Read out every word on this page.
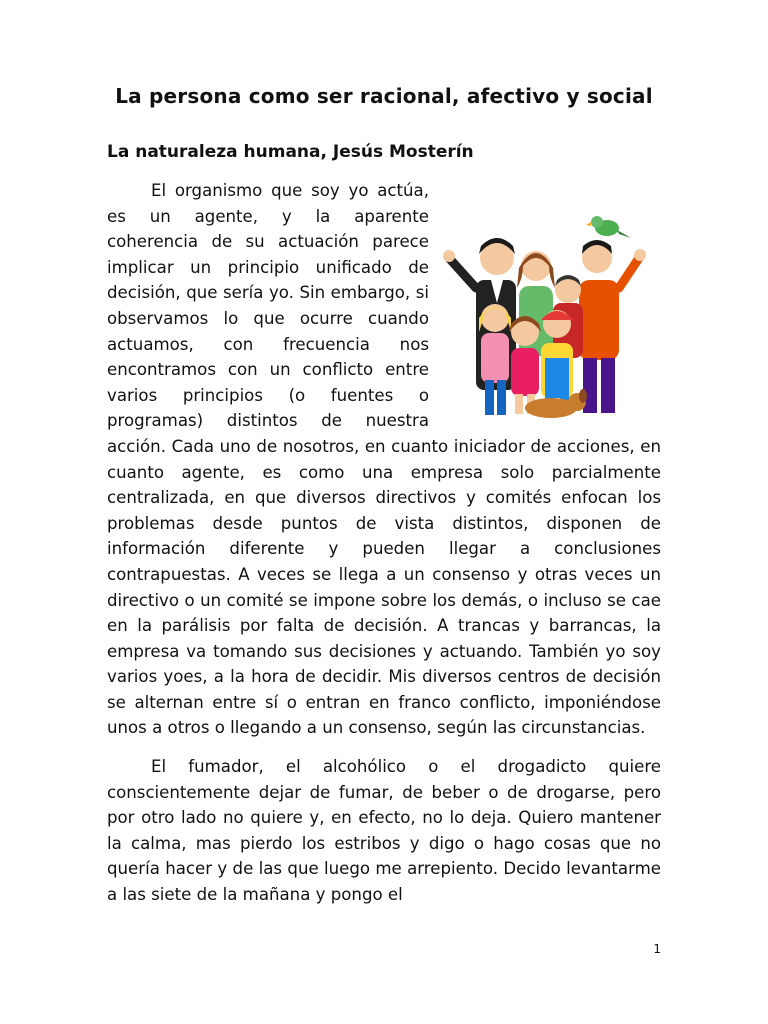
La persona como ser racional, afectivo y social
La naturaleza humana, Jesús Mosterín

El organismo que soy yo actúa, es un agente, y la aparente coherencia de su actuación parece implicar un principio unificado de decisión, que sería yo. Sin embargo, si observamos lo que ocurre cuando actuamos, con frecuencia nos encontramos con un conflicto entre varios principios (o fuentes o programas) distintos de nuestra acción. Cada uno de nosotros, en cuanto iniciador de acciones, en cuanto agente, es como una empresa solo parcialmente centralizada, en que diversos directivos y comités enfocan los problemas desde puntos de vista distintos, disponen de información diferente y pueden llegar a conclusiones contrapuestas. A veces se llega a un consenso y otras veces un directivo o un comité se impone sobre los demás, o incluso se cae en la parálisis por falta de decisión. A trancas y barrancas, la empresa va tomando sus decisiones y actuando. También yo soy varios yoes, a la hora de decidir. Mis diversos centros de decisión se alternan entre sí o entran en franco conflicto, imponiéndose unos a otros o llegando a un consenso, según las circunstancias.

El fumador, el alcohólico o el drogadicto quiere conscientemente dejar de fumar, de beber o de drogarse, pero por otro lado no quiere y, en efecto, no lo deja. Quiero mantener la calma, mas pierdo los estribos y digo o hago cosas que no quería hacer y de las que luego me arrepiento. Decido levantarme a las siete de la mañana y pongo el

1
